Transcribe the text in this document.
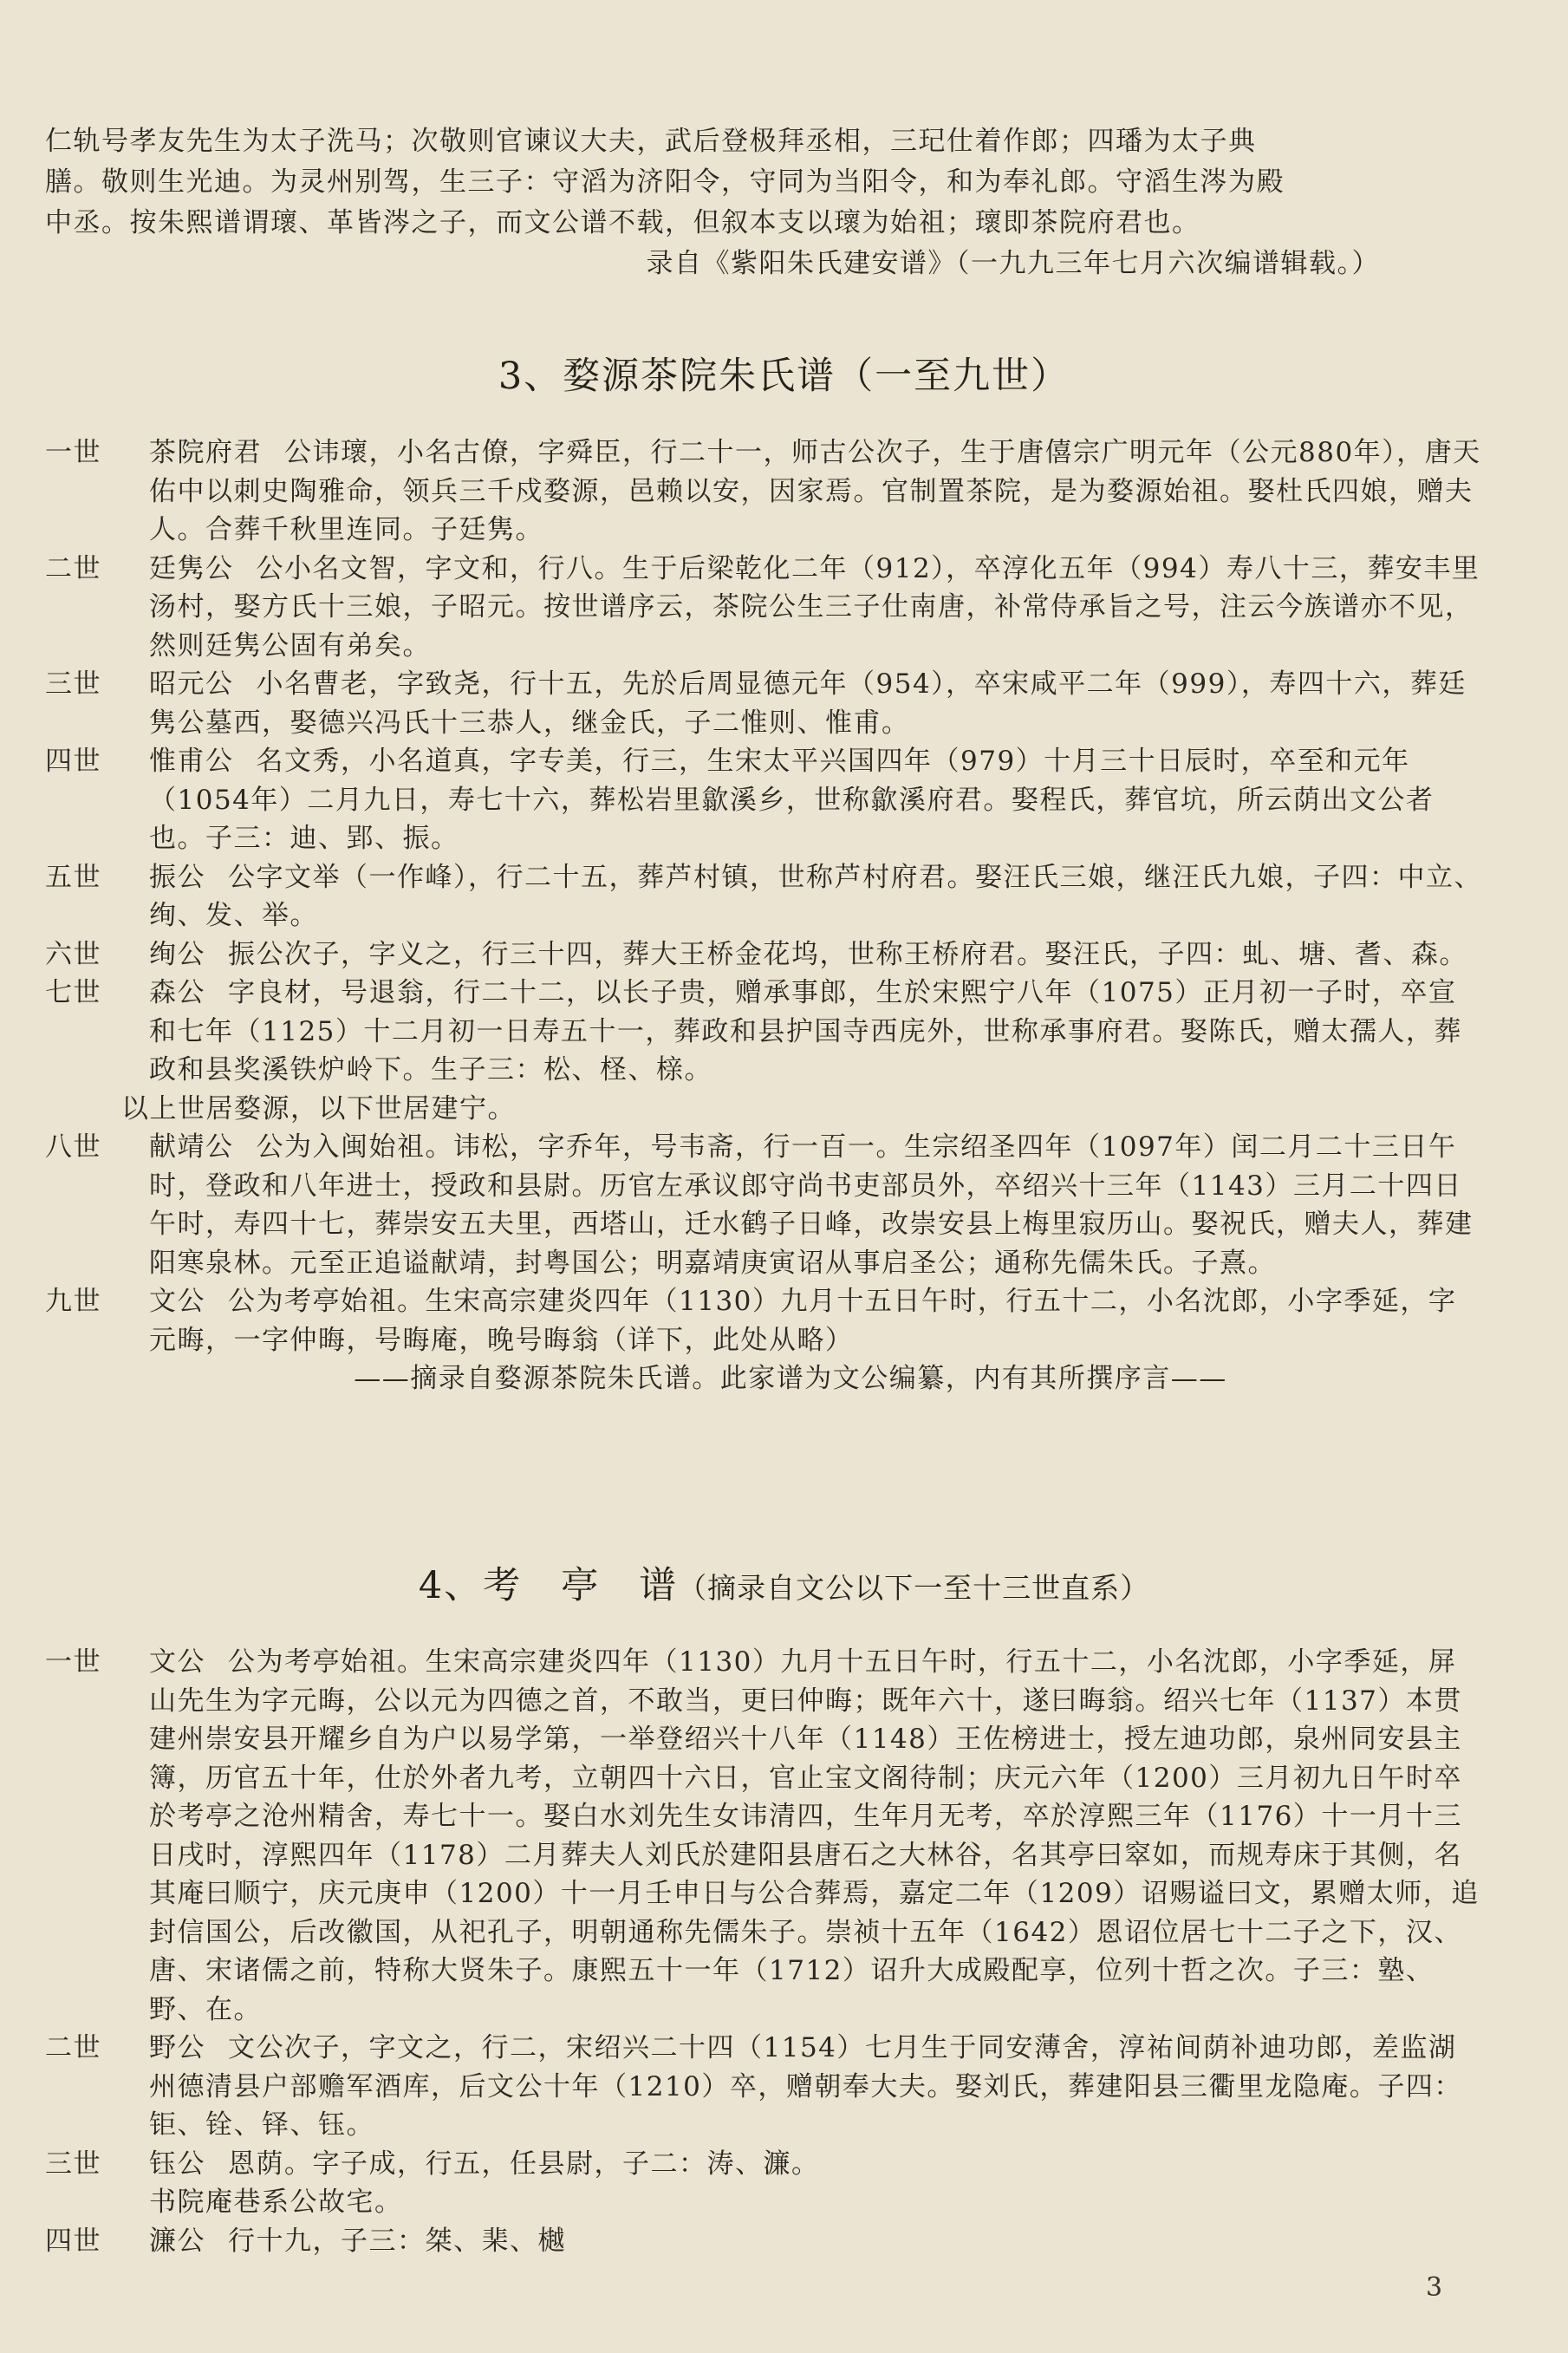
仁轨号孝友先生为太子洗马；次敬则官谏议大夫，武后登极拜丞相，三玘仕着作郎；四璠为太子典

膳。敬则生光迪。为灵州别驾，生三子：守滔为济阳令，守同为当阳令，和为奉礼郎。守滔生涔为殿

中丞。按朱熙谱谓瓌、革皆涔之子，而文公谱不载，但叙本支以瓌为始祖；瓌即茶院府君也。

录自《紫阳朱氏建安谱》（一九九三年七月六次编谱辑载。）

3、婺源茶院朱氏谱（一至九世）
一世	茶院府君 公讳瓌，小名古僚，字舜臣，行二十一，师古公次子，生于唐僖宗广明元年（公元880年），唐天佑中以刺史陶雅命，领兵三千戍婺源，邑赖以安，因家焉。官制置茶院，是为婺源始祖。娶杜氏四娘，赠夫人。合葬千秋里连同。子廷隽。
二世	廷隽公 公小名文智，字文和，行八。生于后梁乾化二年（912），卒淳化五年（994）寿八十三，葬安丰里汤村，娶方氏十三娘，子昭元。按世谱序云，茶院公生三子仕南唐，补常侍承旨之号，注云今族谱亦不见，然则廷隽公固有弟矣。
三世	昭元公 小名曹老，字致尧，行十五，先於后周显德元年（954），卒宋咸平二年（999），寿四十六，葬廷隽公墓西，娶德兴冯氏十三恭人，继金氏，子二惟则、惟甫。
四世	惟甫公 名文秀，小名道真，字专美，行三，生宋太平兴国四年（979）十月三十日辰时，卒至和元年（1054年）二月九日，寿七十六，葬松岩里歙溪乡，世称歙溪府君。娶程氏，葬官坑，所云荫出文公者也。子三：迪、郢、振。
五世	振公 公字文举（一作峰），行二十五，葬芦村镇，世称芦村府君。娶汪氏三娘，继汪氏九娘，子四：中立、绚、发、举。
六世	绚公 振公次子，字义之，行三十四，葬大王桥金花坞，世称王桥府君。娶汪氏，子四：虬、塘、耆、森。
七世	森公 字良材，号退翁，行二十二，以长子贵，赠承事郎，生於宋熙宁八年（1075）正月初一子时，卒宣和七年（1125）十二月初一日寿五十一，葬政和县护国寺西庑外，世称承事府君。娶陈氏，赠太孺人，葬政和县奖溪铁炉岭下。生子三：松、柽、榇。

以上世居婺源，以下世居建宁。

八世	献靖公 公为入闽始祖。讳松，字乔年，号韦斋，行一百一。生宗绍圣四年（1097年）闰二月二十三日午时，登政和八年进士，授政和县尉。历官左承议郎守尚书吏部员外，卒绍兴十三年（1143）三月二十四日午时，寿四十七，葬崇安五夫里，西塔山，迁水鹤子日峰，改崇安县上梅里寂历山。娶祝氏，赠夫人，葬建阳寒泉林。元至正追谥献靖，封粤国公；明嘉靖庚寅诏从事启圣公；通称先儒朱氏。子熹。
九世	文公 公为考亭始祖。生宋高宗建炎四年（1130）九月十五日午时，行五十二，小名沈郎，小字季延，字元晦，一字仲晦，号晦庵，晚号晦翁（详下，此处从略）

——摘录自婺源茶院朱氏谱。此家谱为文公编纂，内有其所撰序言——

4、考　亭　谱（摘录自文公以下一至十三世直系）
一世	文公 公为考亭始祖。生宋高宗建炎四年（1130）九月十五日午时，行五十二，小名沈郎，小字季延，屏山先生为字元晦，公以元为四德之首，不敢当，更曰仲晦；既年六十，遂曰晦翁。绍兴七年（1137）本贯建州崇安县开耀乡自为户以易学第，一举登绍兴十八年（1148）王佐榜进士，授左迪功郎，泉州同安县主簿，历官五十年，仕於外者九考，立朝四十六日，官止宝文阁待制；庆元六年（1200）三月初九日午时卒於考亭之沧州精舍，寿七十一。娶白水刘先生女讳清四，生年月无考，卒於淳熙三年（1176）十一月十三日戌时，淳熙四年（1178）二月葬夫人刘氏於建阳县唐石之大林谷，名其亭曰窣如，而规寿床于其侧，名其庵曰顺宁，庆元庚申（1200）十一月壬申日与公合葬焉，嘉定二年（1209）诏赐谥曰文，累赠太师，追封信国公，后改徽国，从祀孔子，明朝通称先儒朱子。崇祯十五年（1642）恩诏位居七十二子之下，汉、唐、宋诸儒之前，特称大贤朱子。康熙五十一年（1712）诏升大成殿配享，位列十哲之次。子三：塾、野、在。
二世	野公 文公次子，字文之，行二，宋绍兴二十四（1154）七月生于同安薄舍，淳祐间荫补迪功郎，差监湖州德清县户部赡军酒库，后文公十年（1210）卒，赠朝奉大夫。娶刘氏，葬建阳县三衢里龙隐庵。子四：钜、铨、铎、钰。
三世	钰公 恩荫。字子成，行五，任县尉，子二：涛、濂。

书院庵巷系公故宅。

四世	濂公 行十九，子三：桀、棐、樾
3
